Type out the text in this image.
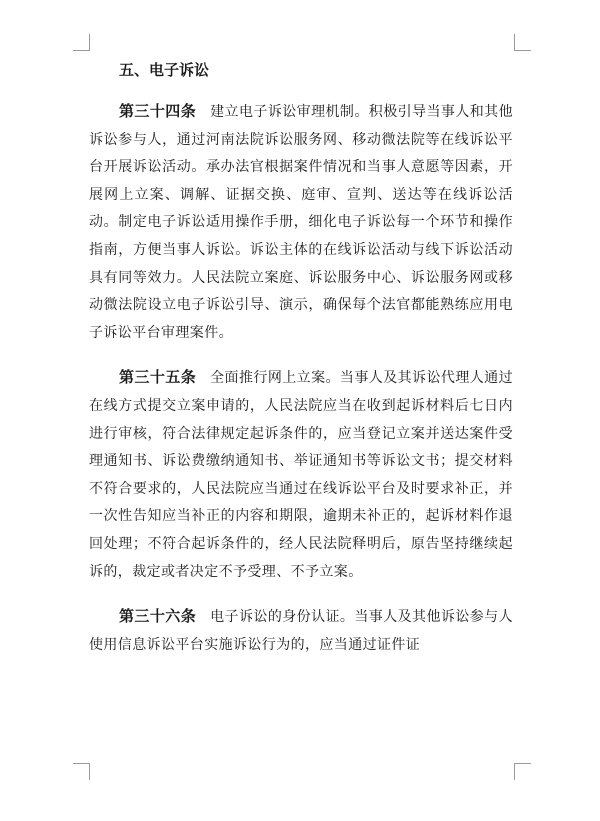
五、电子诉讼

第三十四条 建立电子诉讼审理机制。积极引导当事人和其他诉讼参与人，通过河南法院诉讼服务网、移动微法院等在线诉讼平台开展诉讼活动。承办法官根据案件情况和当事人意愿等因素，开展网上立案、调解、证据交换、庭审、宣判、送达等在线诉讼活动。制定电子诉讼适用操作手册，细化电子诉讼每一个环节和操作指南，方便当事人诉讼。诉讼主体的在线诉讼活动与线下诉讼活动具有同等效力。人民法院立案庭、诉讼服务中心、诉讼服务网或移动微法院设立电子诉讼引导、演示，确保每个法官都能熟练应用电子诉讼平台审理案件。

第三十五条 全面推行网上立案。当事人及其诉讼代理人通过在线方式提交立案申请的，人民法院应当在收到起诉材料后七日内进行审核，符合法律规定起诉条件的，应当登记立案并送达案件受理通知书、诉讼费缴纳通知书、举证通知书等诉讼文书；提交材料不符合要求的，人民法院应当通过在线诉讼平台及时要求补正，并一次性告知应当补正的内容和期限，逾期未补正的，起诉材料作退回处理；不符合起诉条件的，经人民法院释明后，原告坚持继续起诉的，裁定或者决定不予受理、不予立案。

第三十六条 电子诉讼的身份认证。当事人及其他诉讼参与人使用信息诉讼平台实施诉讼行为的，应当通过证件证
